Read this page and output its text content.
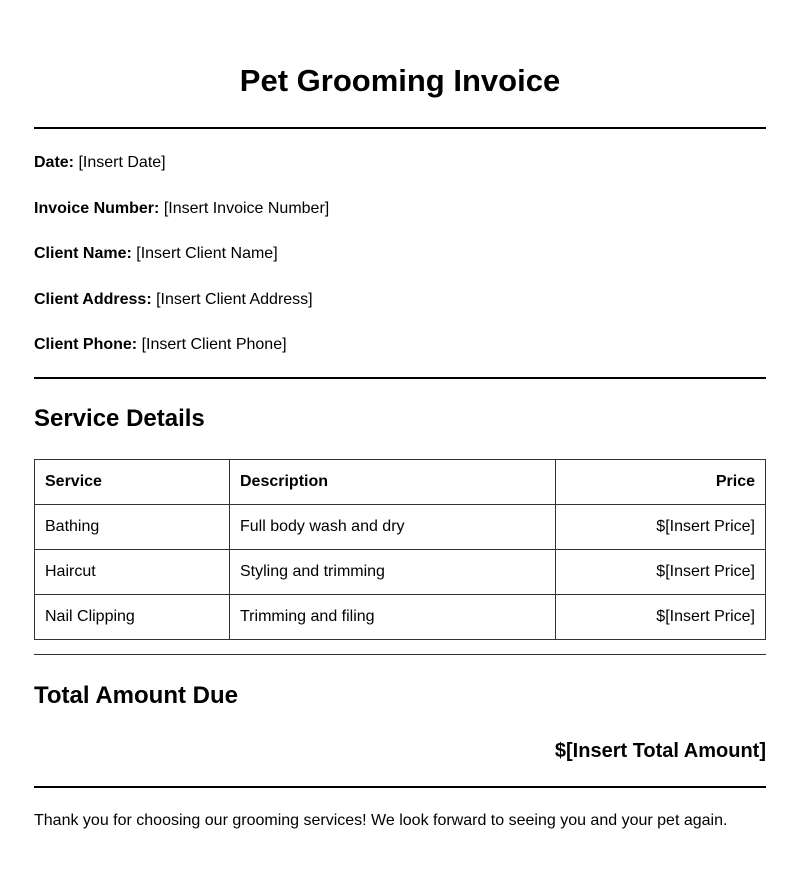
Pet Grooming Invoice
Date: [Insert Date]
Invoice Number: [Insert Invoice Number]
Client Name: [Insert Client Name]
Client Address: [Insert Client Address]
Client Phone: [Insert Client Phone]
Service Details
Service	Description	Price
Bathing	Full body wash and dry	$[Insert Price]
Haircut	Styling and trimming	$[Insert Price]
Nail Clipping	Trimming and filing	$[Insert Price]
Total Amount Due
$[Insert Total Amount]

Thank you for choosing our grooming services! We look forward to seeing you and your pet again.
